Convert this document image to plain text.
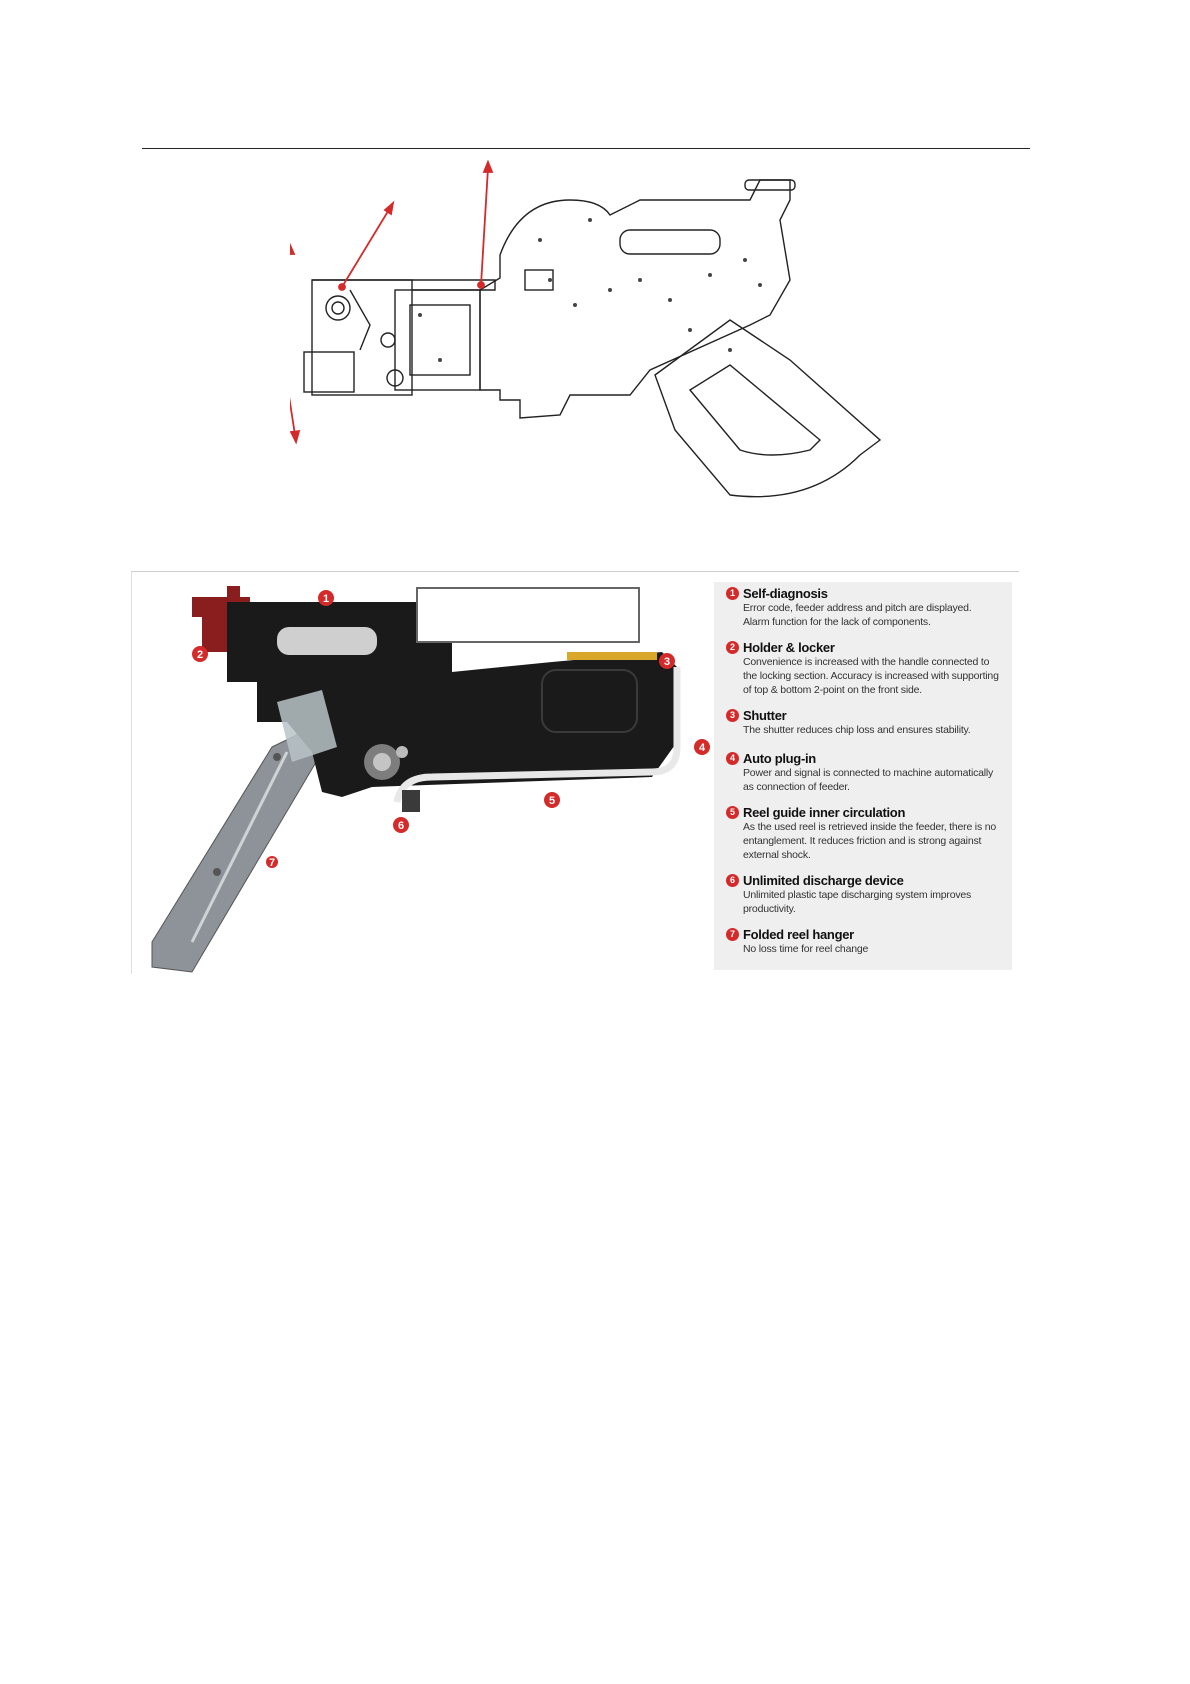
1
2
3
4
5
6
7
1 Self-diagnosis
Error code, feeder address and pitch are displayed.
Alarm function for the lack of components.
2 Holder & locker
Convenience is increased with the handle connected to
the locking section. Accuracy is increased with supporting
of top & bottom 2-point on the front side.
3 Shutter
The shutter reduces chip loss and ensures stability.
4 Auto plug-in
Power and signal is connected to machine automatically
as connection of feeder.
5 Reel guide inner circulation
As the used reel is retrieved inside the feeder, there is no
entanglement. It reduces friction and is strong against
external shock.
6 Unlimited discharge device
Unlimited plastic tape discharging system improves
productivity.
7 Folded reel hanger
No loss time for reel change
